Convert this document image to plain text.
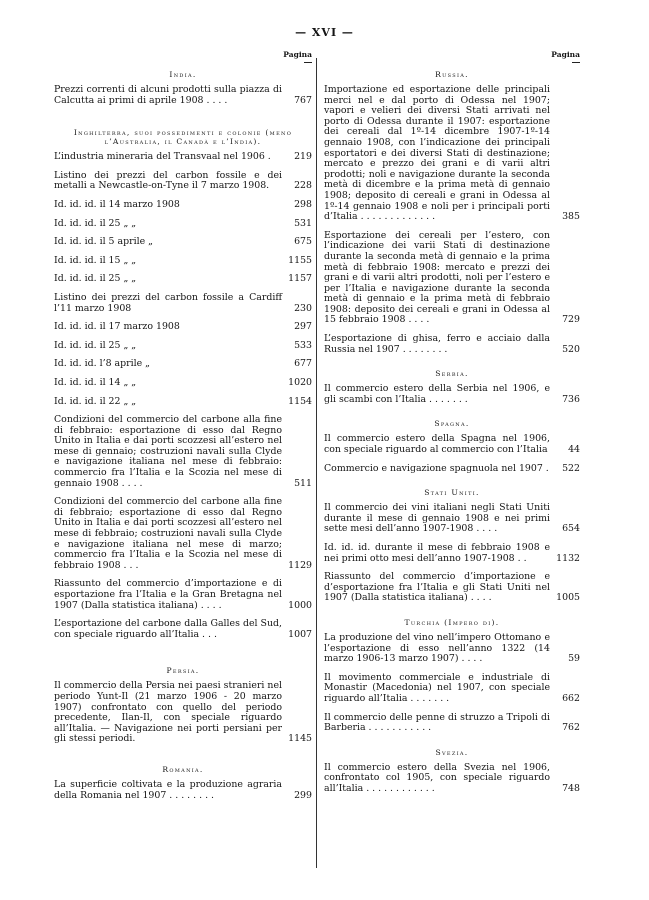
— XVI —
Pagina	Pagina
India.
Prezzi correnti di alcuni prodotti sulla piazza di Calcutta ai primi di aprile 1908 . . . .	767
Inghilterra, suoi possedimenti e colonie (meno l’Australia, il Canadà e l’India).
L’industria mineraria del Transvaal nel 1906 . 219
Listino dei prezzi del carbon fossile e dei metalli a Newcastle-on-Tyne il 7 marzo 1908.	228
Id. id. id. il 14 marzo 1908	298
Id. id. id. il 25 „ „	531
Id. id. id. il 5 aprile „	675
Id. id. id. il 15 „ „	1155
Id. id. id. il 25 „ „	1157
Listino dei prezzi del carbon fossile a Cardiff l’11 marzo 1908	230
Id. id. id. il 17 marzo 1908	297
Id. id. id. il 25 „ „	533
Id. id. id. l’8 aprile „	677
Id. id. id. il 14 „ „	1020
Id. id. id. il 22 „ „	1154
Condizioni del commercio del carbone alla fine di febbraio: esportazione di esso dal Regno Unito in Italia e dai porti scozzesi all’estero nel mese di gennaio; costruzioni navali sulla Clyde e navigazione italiana nel mese di febbraio: commercio fra l’Italia e la Scozia nel mese di gennaio 1908 . . . .	511
Condizioni del commercio del carbone alla fine di febbraio; esportazione di esso dal Regno Unito in Italia e dai porti scozzesi all’estero nel mese di febbraio; costruzioni navali sulla Clyde e navigazione italiana nel mese di marzo; commercio fra l’Italia e la Scozia nel mese di febbraio 1908 . . .	1129
Riassunto del commercio d’importazione e di esportazione fra l’Italia e la Gran Bretagna nel 1907 (Dalla statistica italiana) . . . .	1000
L’esportazione del carbone dalla Galles del Sud, con speciale riguardo all’Italia . . .	1007
Persia.
Il commercio della Persia nei paesi stranieri nel periodo Yunt-Il (21 marzo 1906 - 20 marzo 1907) confrontato con quello del periodo precedente, Ilan-Il, con speciale riguardo all’Italia. — Navigazione nei porti persiani per gli stessi periodi.	1145
Romania.
La superficie coltivata e la produzione agraria della Romania nel 1907 . . . . . . . .	299
Russia.
Importazione ed esportazione delle principali merci nel e dal porto di Odessa nel 1907; vapori e velieri dei diversi Stati arrivati nel porto di Odessa durante il 1907: esportazione dei cereali dal 1º-14 dicembre 1907-1º-14 gennaio 1908, con l’indicazione dei principali esportatori e dei diversi Stati di destinazione; mercato e prezzo dei grani e di varii altri prodotti; noli e navigazione durante la seconda metà di dicembre e la prima metà di gennaio 1908; deposito di cereali e grani in Odessa al 1º-14 gennaio 1908 e noli per i principali porti d’Italia . . . . . . . . . . . . .	385
Esportazione dei cereali per l’estero, con l’indicazione dei varii Stati di destinazione durante la seconda metà di gennaio e la prima metà di febbraio 1908: mercato e prezzi dei grani e di varii altri prodotti, noli per l’estero e per l’Italia e navigazione durante la seconda metà di gennaio e la prima metà di febbraio 1908: deposito dei cereali e grani in Odessa al 15 febbraio 1908 . . . .	729
L’esportazione di ghisa, ferro e acciaio dalla Russia nel 1907 . . . . . . . .	520
Serbia.
Il commercio estero della Serbia nel 1906, e gli scambi con l’Italia . . . . . . .	736
Spagna.
Il commercio estero della Spagna nel 1906, con speciale riguardo al commercio con l’Italia 44
Commercio e navigazione spagnuola nel 1907 . 522
Stati Uniti.
Il commercio dei vini italiani negli Stati Uniti durante il mese di gennaio 1908 e nei primi sette mesi dell’anno 1907-1908 . . . .	654
Id. id. id. durante il mese di febbraio 1908 e nei primi otto mesi dell’anno 1907-1908 . .	1132
Riassunto del commercio d’importazione e d’esportazione fra l’Italia e gli Stati Uniti nel 1907 (Dalla statistica italiana) . . . .	1005
Turchia (Impero di).
La produzione del vino nell’impero Ottomano e l’esportazione di esso nell’anno 1322 (14 marzo 1906-13 marzo 1907) . . . .	59
Il movimento commerciale e industriale di Monastir (Macedonia) nel 1907, con speciale riguardo all’Italia . . . . . . .	662
Il commercio delle penne di struzzo a Tripoli di Barberia . . . . . . . . . . .	762
Svezia.
Il commercio estero della Svezia nel 1906, confrontato col 1905, con speciale riguardo all’Italia . . . . . . . . . . . .	748
